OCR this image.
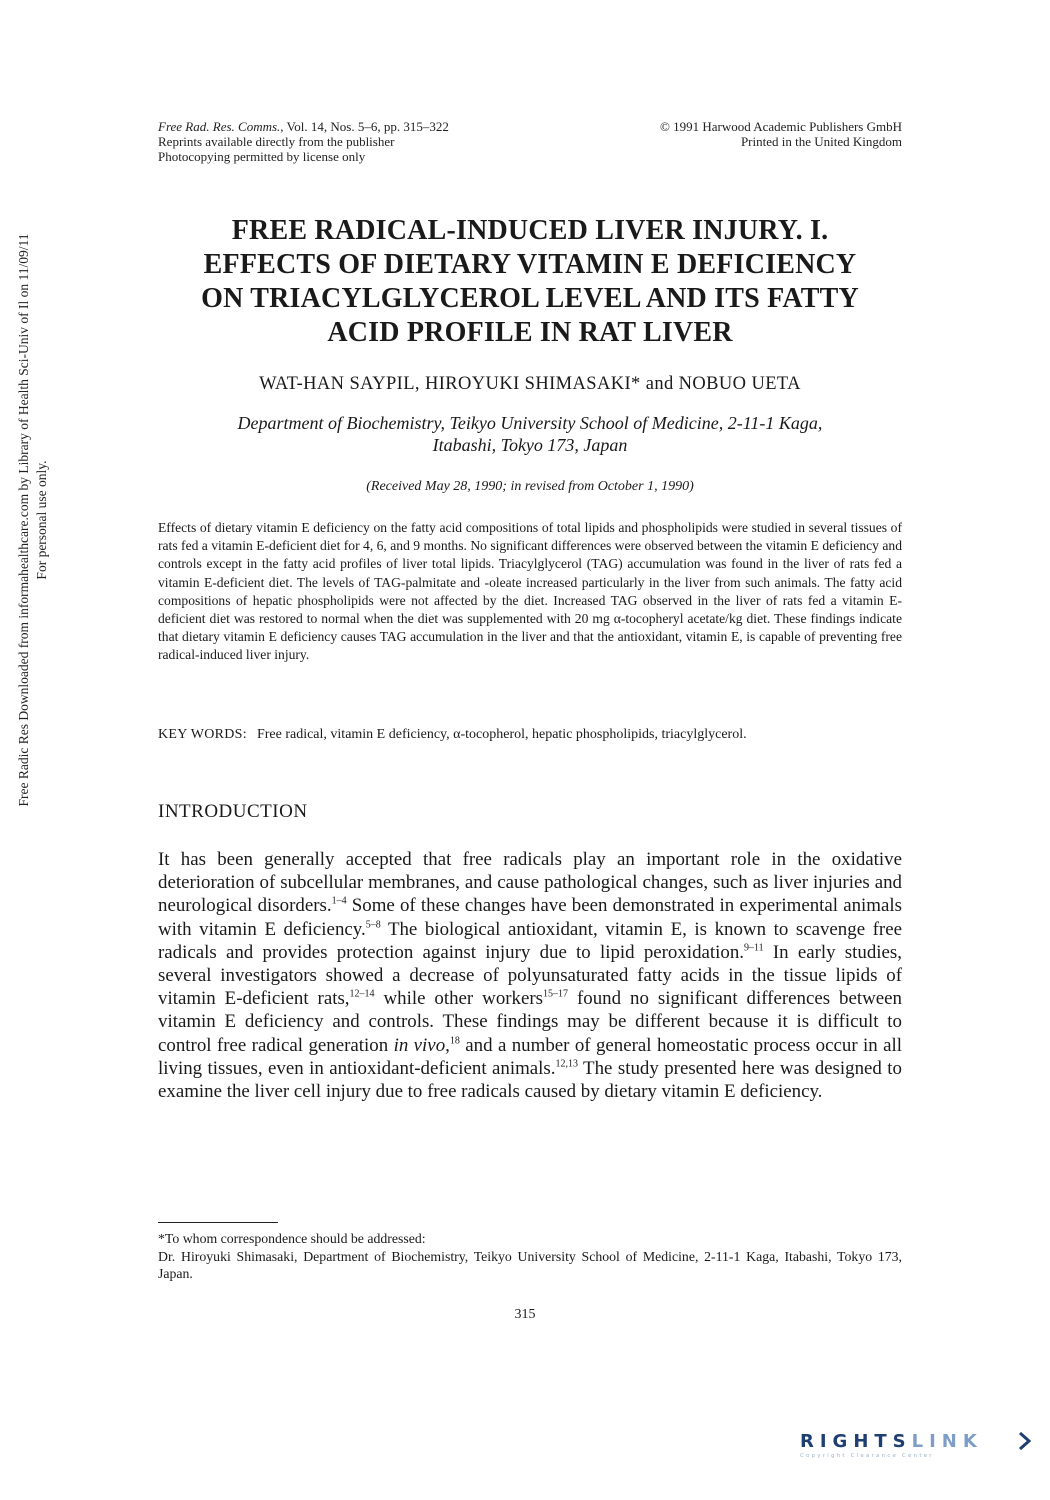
Free Radic Res Downloaded from informahealthcare.com by Library of Health Sci-Univ of Il on 11/09/11 For personal use only.
Free Rad. Res. Comms., Vol. 14, Nos. 5–6, pp. 315–322
Reprints available directly from the publisher
Photocopying permitted by license only
© 1991 Harwood Academic Publishers GmbH
Printed in the United Kingdom
FREE RADICAL-INDUCED LIVER INJURY. I.
EFFECTS OF DIETARY VITAMIN E DEFICIENCY
ON TRIACYLGLYCEROL LEVEL AND ITS FATTY
ACID PROFILE IN RAT LIVER
WAT-HAN SAYPIL, HIROYUKI SHIMASAKI* and NOBUO UETA
Department of Biochemistry, Teikyo University School of Medicine, 2-11-1 Kaga,
Itabashi, Tokyo 173, Japan
(Received May 28, 1990; in revised from October 1, 1990)
Effects of dietary vitamin E deficiency on the fatty acid compositions of total lipids and phospholipids were studied in several tissues of rats fed a vitamin E-deficient diet for 4, 6, and 9 months. No significant differences were observed between the vitamin E deficiency and controls except in the fatty acid profiles of liver total lipids. Triacylglycerol (TAG) accumulation was found in the liver of rats fed a vitamin E-deficient diet. The levels of TAG-palmitate and -oleate increased particularly in the liver from such animals. The fatty acid compositions of hepatic phospholipids were not affected by the diet. Increased TAG observed in the liver of rats fed a vitamin E-deficient diet was restored to normal when the diet was supplemented with 20 mg α-tocopheryl acetate/kg diet. These findings indicate that dietary vitamin E deficiency causes TAG accumulation in the liver and that the antioxidant, vitamin E, is capable of preventing free radical-induced liver injury.
KEY WORDS: Free radical, vitamin E deficiency, α-tocopherol, hepatic phospholipids, triacylglycerol.
INTRODUCTION
It has been generally accepted that free radicals play an important role in the oxidative deterioration of subcellular membranes, and cause pathological changes, such as liver injuries and neurological disorders.$^{1-4}$ Some of these changes have been demonstrated in experimental animals with vitamin E deficiency.$^{5-8}$ The biological antioxidant, vitamin E, is known to scavenge free radicals and provides protection against injury due to lipid peroxidation.$^{9-11}$ In early studies, several investigators showed a decrease of polyunsaturated fatty acids in the tissue lipids of vitamin E-deficient rats,$^{12-14}$ while other workers$^{15-17}$ found no significant differences between vitamin E deficiency and controls. These findings may be different because it is difficult to control free radical generation in vivo,$^{18}$ and a number of general homeostatic process occur in all living tissues, even in antioxidant-deficient animals.$^{12,13}$ The study presented here was designed to examine the liver cell injury due to free radicals caused by dietary vitamin E deficiency.
*To whom correspondence should be addressed:
Dr. Hiroyuki Shimasaki, Department of Biochemistry, Teikyo University School of Medicine, 2-11-1 Kaga, Itabashi, Tokyo 173, Japan.
315
RIGHTSLINK
Copyright Clearance Center
